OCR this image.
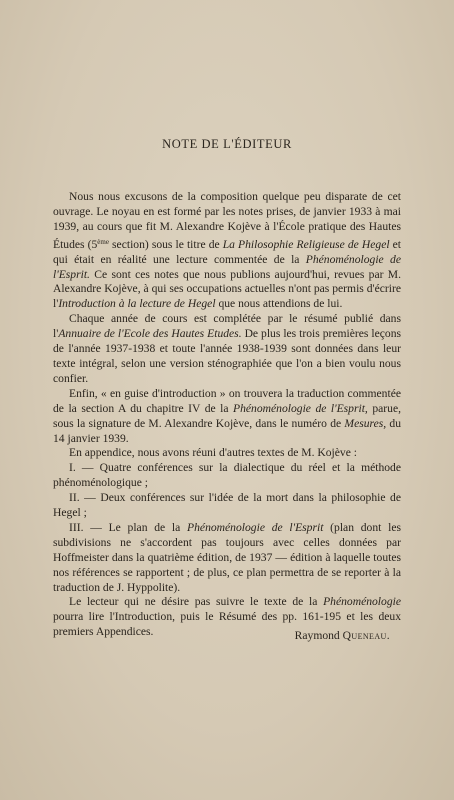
NOTE DE L'ÉDITEUR

Nous nous excusons de la composition quelque peu disparate de cet ouvrage. Le noyau en est formé par les notes prises, de janvier 1933 à mai 1939, au cours que fit M. Alexandre Kojève à l'École pratique des Hautes Études (5ème section) sous le titre de La Philosophie Religieuse de Hegel et qui était en réalité une lecture commentée de la Phénoménologie de l'Esprit. Ce sont ces notes que nous publions aujourd'hui, revues par M. Alexandre Kojève, à qui ses occupations actuelles n'ont pas permis d'écrire l'Introduction à la lecture de Hegel que nous attendions de lui.

Chaque année de cours est complétée par le résumé publié dans l'Annuaire de l'Ecole des Hautes Etudes. De plus les trois premières leçons de l'année 1937-1938 et toute l'année 1938-1939 sont données dans leur texte intégral, selon une version sténographiée que l'on a bien voulu nous confier.

Enfin, « en guise d'introduction » on trouvera la traduction commentée de la section A du chapitre IV de la Phénoménologie de l'Esprit, parue, sous la signature de M. Alexandre Kojève, dans le numéro de Mesures, du 14 janvier 1939.

En appendice, nous avons réuni d'autres textes de M. Kojève :

I. — Quatre conférences sur la dialectique du réel et la méthode phénoménologique ;

II. — Deux conférences sur l'idée de la mort dans la philosophie de Hegel ;

III. — Le plan de la Phénoménologie de l'Esprit (plan dont les subdivisions ne s'accordent pas toujours avec celles données par Hoffmeister dans la quatrième édition, de 1937 — édition à laquelle toutes nos références se rapportent ; de plus, ce plan permettra de se reporter à la traduction de J. Hyppolite).

Le lecteur qui ne désire pas suivre le texte de la Phénoménologie pourra lire l'Introduction, puis le Résumé des pp. 161-195 et les deux premiers Appendices.	Raymond Queneau.
